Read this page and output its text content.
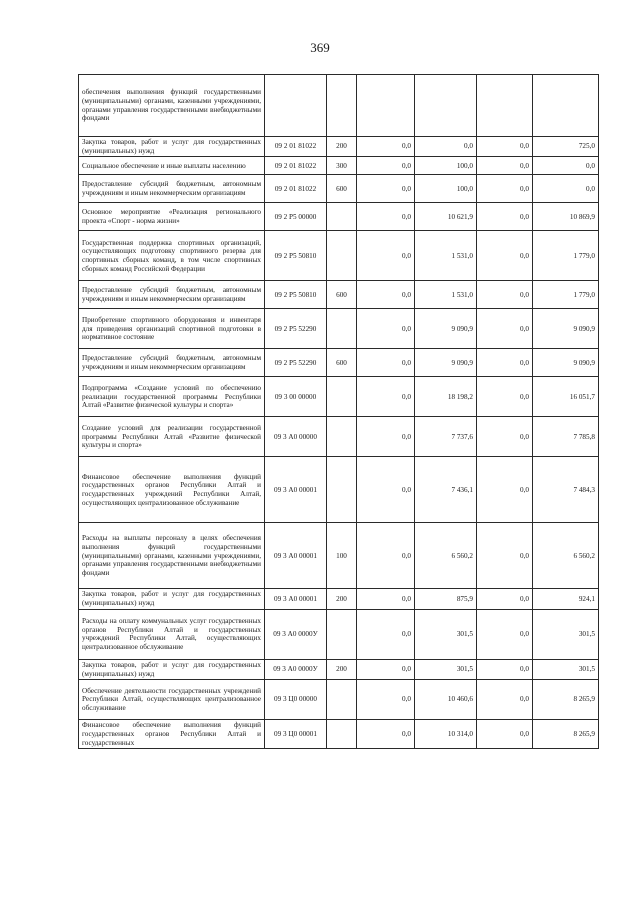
369
обеспечения выполнения функций государственными (муниципальными) органами, казенными учреждениями, органами управления государственными внебюджетными фондами						
Закупка товаров, работ и услуг для государственных (муниципальных) нужд	09 2 01 81022	200	0,0	0,0	0,0	725,0
Социальное обеспечение и иные выплаты населению	09 2 01 81022	300	0,0	100,0	0,0	0,0
Предоставление субсидий бюджетным, автономным учреждениям и иным некоммерческим организациям	09 2 01 81022	600	0,0	100,0	0,0	0,0
Основное мероприятие «Реализация регионального проекта «Спорт - норма жизни»	09 2 P5 00000		0,0	10 621,9	0,0	10 869,9
Государственная поддержка спортивных организаций, осуществляющих подготовку спортивного резерва для спортивных сборных команд, в том числе спортивных сборных команд Российской Федерации	09 2 P5 50810		0,0	1 531,0	0,0	1 779,0
Предоставление субсидий бюджетным, автономным учреждениям и иным некоммерческим организациям	09 2 P5 50810	600	0,0	1 531,0	0,0	1 779,0
Приобретение спортивного оборудования и инвентаря для приведения организаций спортивной подготовки в нормативное состояние	09 2 P5 52290		0,0	9 090,9	0,0	9 090,9
Предоставление субсидий бюджетным, автономным учреждениям и иным некоммерческим организациям	09 2 P5 52290	600	0,0	9 090,9	0,0	9 090,9
Подпрограмма «Создание условий по обеспечению реализации государственной программы Республики Алтай «Развитие физической культуры и спорта»	09 3 00 00000		0,0	18 198,2	0,0	16 051,7
Создание условий для реализации государственной программы Республики Алтай «Развитие физической культуры и спорта»	09 3 А0 00000		0,0	7 737,6	0,0	7 785,8
Финансовое обеспечение выполнения функций государственных органов Республики Алтай и государственных учреждений Республики Алтай, осуществляющих централизованное обслуживание	09 3 А0 00001		0,0	7 436,1	0,0	7 484,3
Расходы на выплаты персоналу в целях обеспечения выполнения функций государственными (муниципальными) органами, казенными учреждениями, органами управления государственными внебюджетными фондами	09 3 А0 00001	100	0,0	6 560,2	0,0	6 560,2
Закупка товаров, работ и услуг для государственных (муниципальных) нужд	09 3 А0 00001	200	0,0	875,9	0,0	924,1
Расходы на оплату коммунальных услуг государственных органов Республики Алтай и государственных учреждений Республики Алтай, осуществляющих централизованное обслуживание	09 3 А0 0000У		0,0	301,5	0,0	301,5
Закупка товаров, работ и услуг для государственных (муниципальных) нужд	09 3 А0 0000У	200	0,0	301,5	0,0	301,5
Обеспечение деятельности государственных учреждений Республики Алтай, осуществляющих централизованное обслуживание	09 3 Ц0 00000		0,0	10 460,6	0,0	8 265,9
Финансовое обеспечение выполнения функций государственных органов Республики Алтай и государственных	09 3 Ц0 00001		0,0	10 314,0	0,0	8 265,9
